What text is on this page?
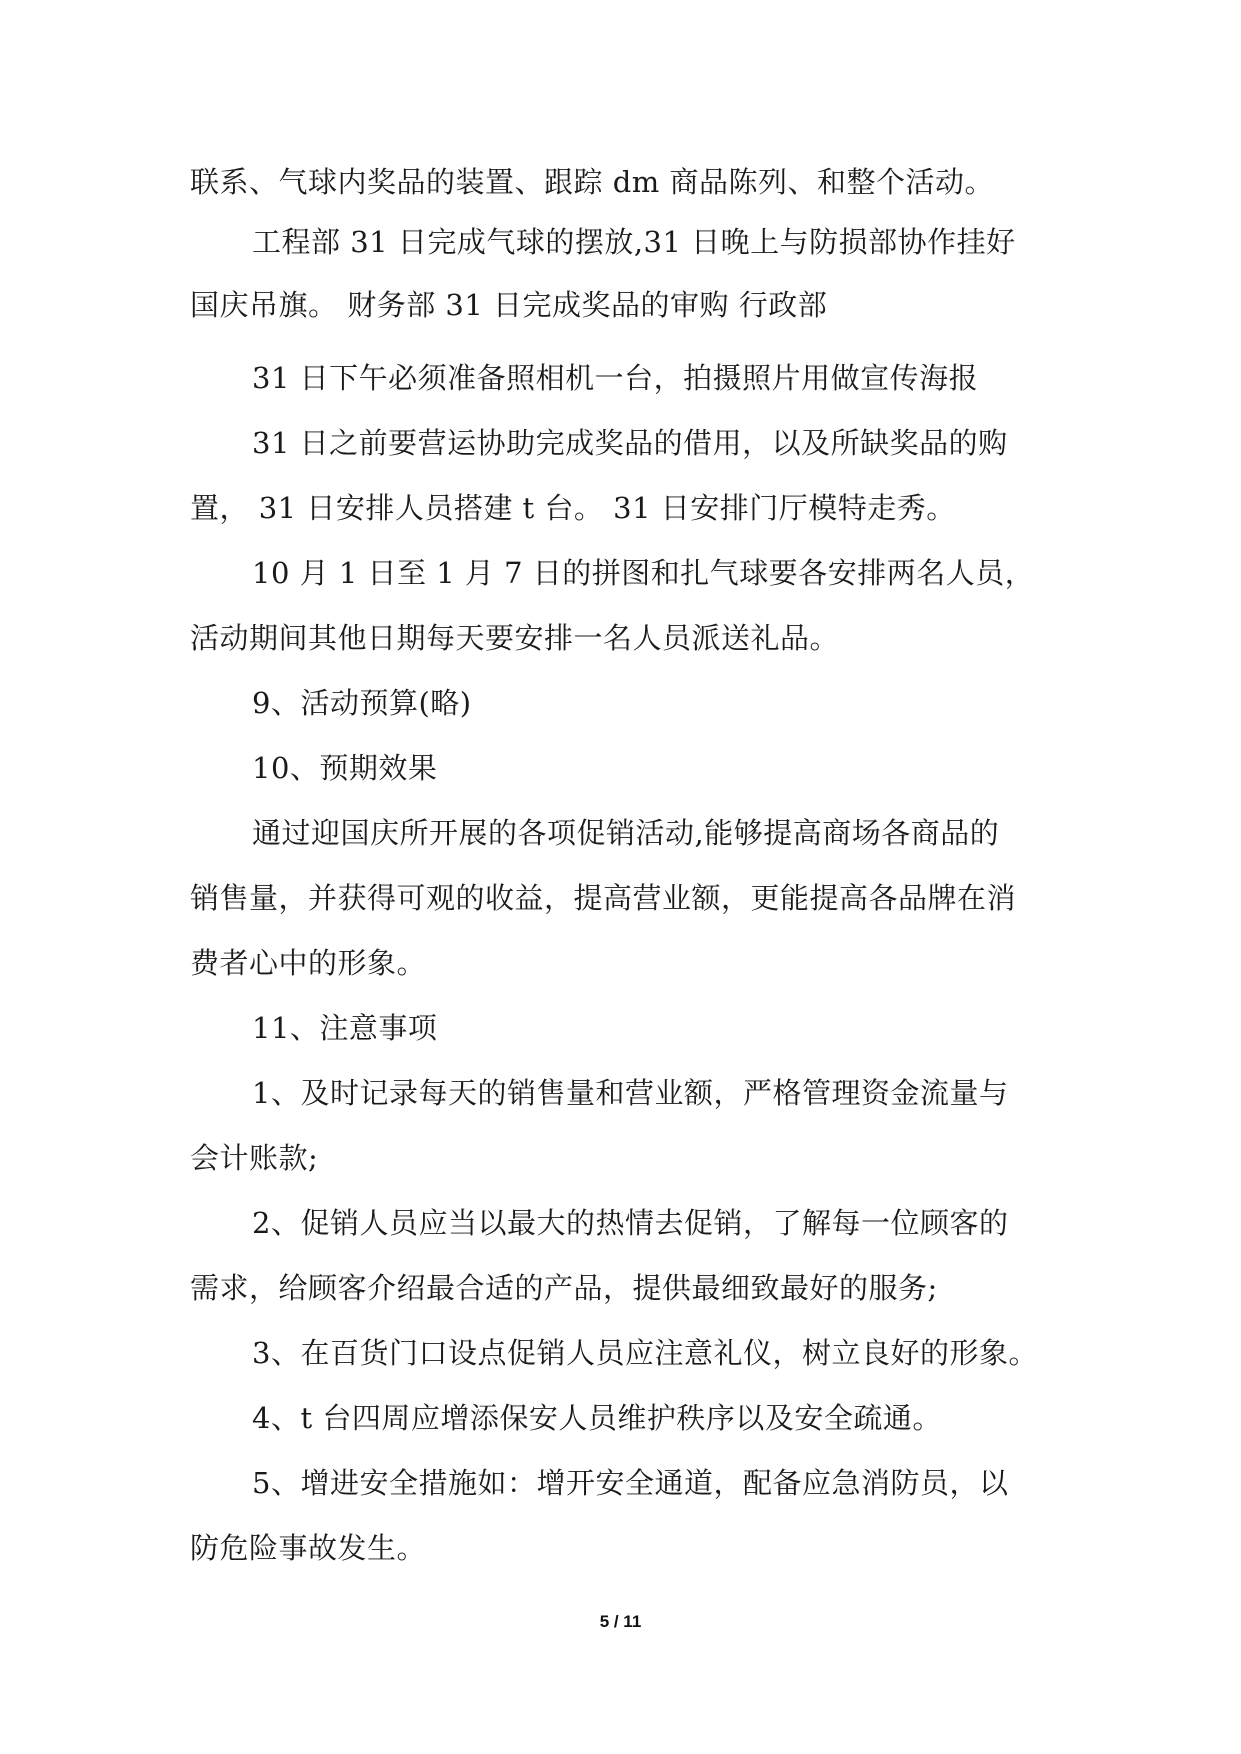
联系、气球内奖品的装置、跟踪 dm 商品陈列、和整个活动。
工程部 31 日完成气球的摆放,31 日晚上与防损部协作挂好
国庆吊旗。 财务部 31 日完成奖品的审购 行政部
31 日下午必须准备照相机一台，拍摄照片用做宣传海报
31 日之前要营运协助完成奖品的借用，以及所缺奖品的购
置， 31 日安排人员搭建 t 台。 31 日安排门厅模特走秀。
10 月 1 日至 1 月 7 日的拼图和扎气球要各安排两名人员，
活动期间其他日期每天要安排一名人员派送礼品。
9、活动预算(略)
10、预期效果
通过迎国庆所开展的各项促销活动,能够提高商场各商品的
销售量，并获得可观的收益，提高营业额，更能提高各品牌在消
费者心中的形象。
11、注意事项
1、及时记录每天的销售量和营业额，严格管理资金流量与
会计账款;
2、促销人员应当以最大的热情去促销，了解每一位顾客的
需求，给顾客介绍最合适的产品，提供最细致最好的服务;
3、在百货门口设点促销人员应注意礼仪，树立良好的形象。
4、t 台四周应增添保安人员维护秩序以及安全疏通。
5、增进安全措施如：增开安全通道，配备应急消防员，以
防危险事故发生。
5 / 11
